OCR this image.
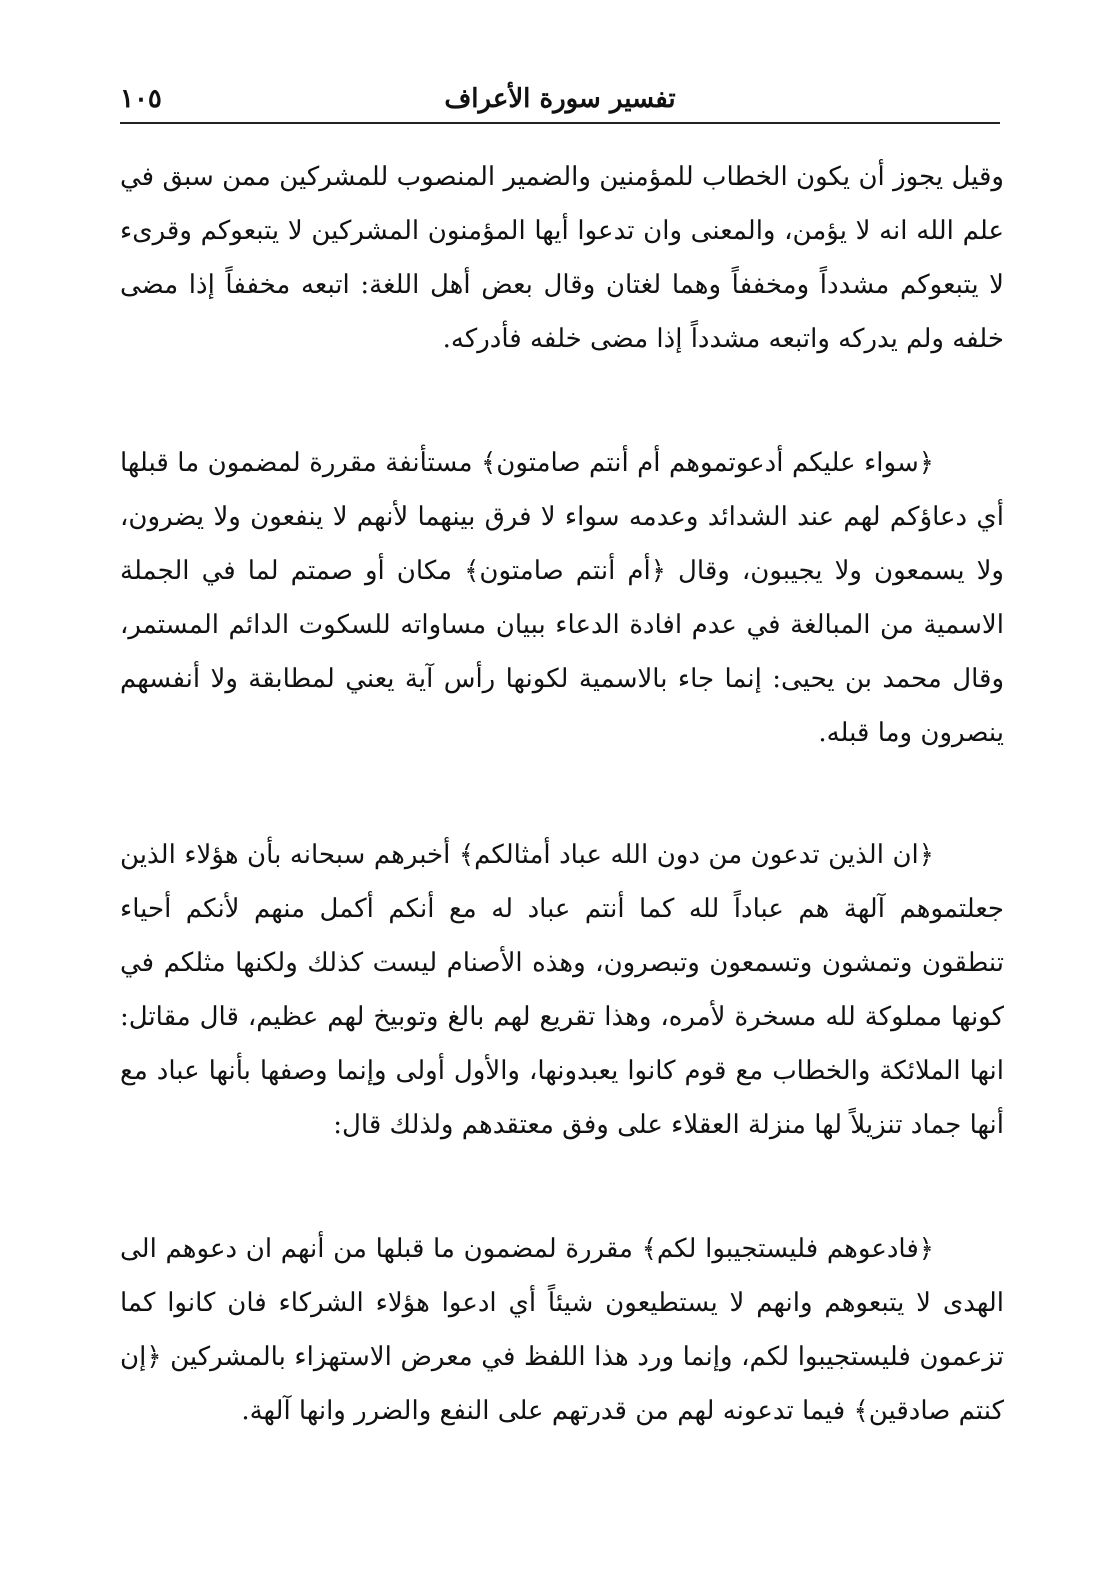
تفسير سورة الأعراف
١٠٥

وقيل يجوز أن يكون الخطاب للمؤمنين والضمير المنصوب للمشركين ممن سبق في علم الله انه لا يؤمن، والمعنى وان تدعوا أيها المؤمنون المشركين لا يتبعوكم وقرىء لا يتبعوكم مشدداً ومخففاً وهما لغتان وقال بعض أهل اللغة: اتبعه مخففاً إذا مضى خلفه ولم يدركه واتبعه مشدداً إذا مضى خلفه فأدركه.

﴿سواء عليكم أدعوتموهم أم أنتم صامتون﴾ مستأنفة مقررة لمضمون ما قبلها أي دعاؤكم لهم عند الشدائد وعدمه سواء لا فرق بينهما لأنهم لا ينفعون ولا يضرون، ولا يسمعون ولا يجيبون، وقال ﴿أم أنتم صامتون﴾ مكان أو صمتم لما في الجملة الاسمية من المبالغة في عدم افادة الدعاء ببيان مساواته للسكوت الدائم المستمر، وقال محمد بن يحيى: إنما جاء بالاسمية لكونها رأس آية يعني لمطابقة ولا أنفسهم ينصرون وما قبله.

﴿ان الذين تدعون من دون الله عباد أمثالكم﴾ أخبرهم سبحانه بأن هؤلاء الذين جعلتموهم آلهة هم عباداً لله كما أنتم عباد له مع أنكم أكمل منهم لأنكم أحياء تنطقون وتمشون وتسمعون وتبصرون، وهذه الأصنام ليست كذلك ولكنها مثلكم في كونها مملوكة لله مسخرة لأمره، وهذا تقريع لهم بالغ وتوبيخ لهم عظيم، قال مقاتل: انها الملائكة والخطاب مع قوم كانوا يعبدونها، والأول أولى وإنما وصفها بأنها عباد مع أنها جماد تنزيلاً لها منزلة العقلاء على وفق معتقدهم ولذلك قال:

﴿فادعوهم فليستجيبوا لكم﴾ مقررة لمضمون ما قبلها من أنهم ان دعوهم الى الهدى لا يتبعوهم وانهم لا يستطيعون شيئاً أي ادعوا هؤلاء الشركاء فان كانوا كما تزعمون فليستجيبوا لكم، وإنما ورد هذا اللفظ في معرض الاستهزاء بالمشركين ﴿إن كنتم صادقين﴾ فيما تدعونه لهم من قدرتهم على النفع والضرر وانها آلهة.
